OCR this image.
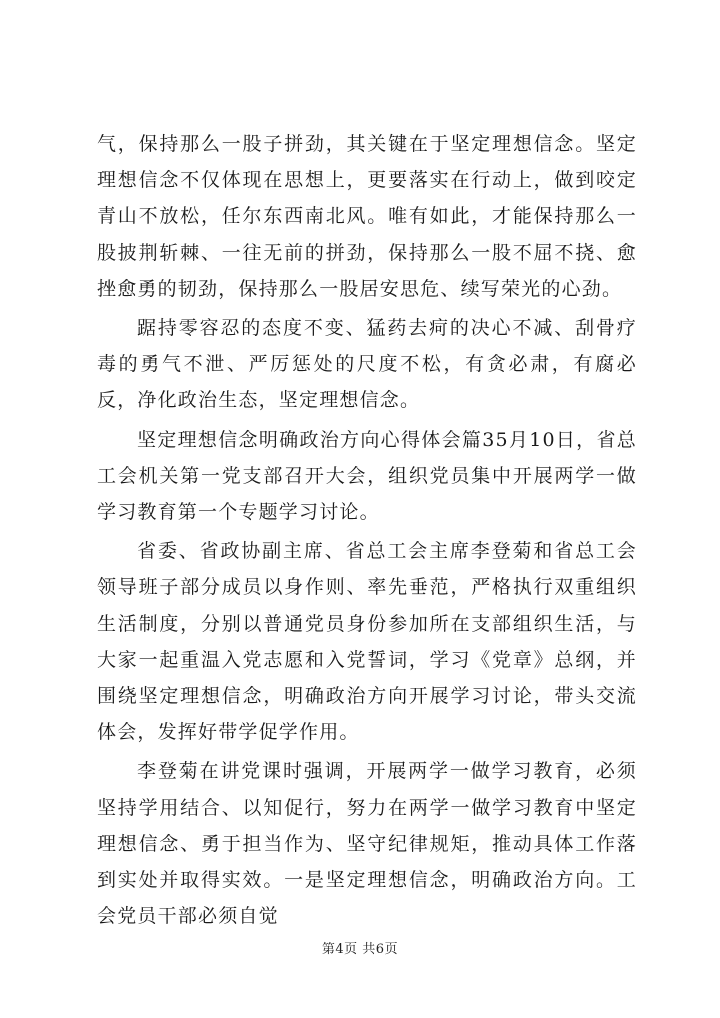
气，保持那么一股子拼劲，其关键在于坚定理想信念。坚定理想信念不仅体现在思想上，更要落实在行动上，做到咬定青山不放松，任尔东西南北风。唯有如此，才能保持那么一股披荆斩棘、一往无前的拼劲，保持那么一股不屈不挠、愈挫愈勇的韧劲，保持那么一股居安思危、续写荣光的心劲。

踞持零容忍的态度不变、猛药去疴的决心不减、刮骨疗毒的勇气不泄、严厉惩处的尺度不松，有贪必肃，有腐必反，净化政治生态，坚定理想信念。

坚定理想信念明确政治方向心得体会篇35月10日，省总工会机关第一党支部召开大会，组织党员集中开展两学一做学习教育第一个专题学习讨论。

省委、省政协副主席、省总工会主席李登菊和省总工会领导班子部分成员以身作则、率先垂范，严格执行双重组织生活制度，分别以普通党员身份参加所在支部组织生活，与大家一起重温入党志愿和入党誓词，学习《党章》总纲，并围绕坚定理想信念，明确政治方向开展学习讨论，带头交流体会，发挥好带学促学作用。

李登菊在讲党课时强调，开展两学一做学习教育，必须坚持学用结合、以知促行，努力在两学一做学习教育中坚定理想信念、勇于担当作为、坚守纪律规矩，推动具体工作落到实处并取得实效。一是坚定理想信念，明确政治方向。工会党员干部必须自觉

第4页 共6页
